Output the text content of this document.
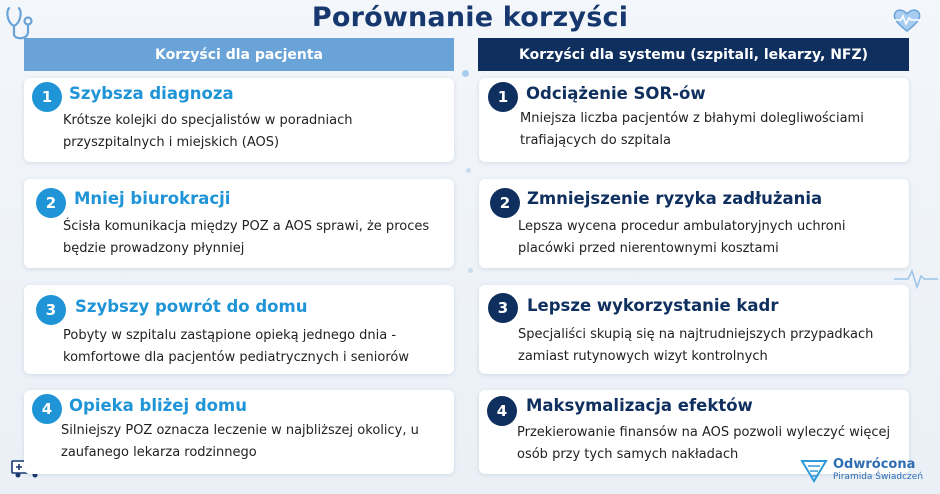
Porównanie korzyści
Korzyści dla pacjenta	Korzyści dla systemu (szpitali, lekarzy, NFZ)
1	Szybsza diagnoza
Krótsze kolejki do specjalistów w poradniach
przyszpitalnych i miejskich (AOS)
2	Mniej biurokracji
Ścisła komunikacja między POZ a AOS sprawi, że proces
będzie prowadzony płynniej
3	Szybszy powrót do domu
Pobyty w szpitalu zastąpione opieką jednego dnia -
komfortowe dla pacjentów pediatrycznych i seniorów
4	Opieka bliżej domu
Silniejszy POZ oznacza leczenie w najbliższej okolicy, u
zaufanego lekarza rodzinnego
1	Odciążenie SOR-ów
Mniejsza liczba pacjentów z błahymi dolegliwościami
trafiających do szpitala
2	Zmniejszenie ryzyka zadłużania
Lepsza wycena procedur ambulatoryjnych uchroni
placówki przed nierentownymi kosztami
3	Lepsze wykorzystanie kadr
Specjaliści skupią się na najtrudniejszych przypadkach
zamiast rutynowych wizyt kontrolnych
4	Maksymalizacja efektów
Przekierowanie finansów na AOS pozwoli wyleczyć więcej
osób przy tych samych nakładach
Odwrócona
Piramida Świadczeń
